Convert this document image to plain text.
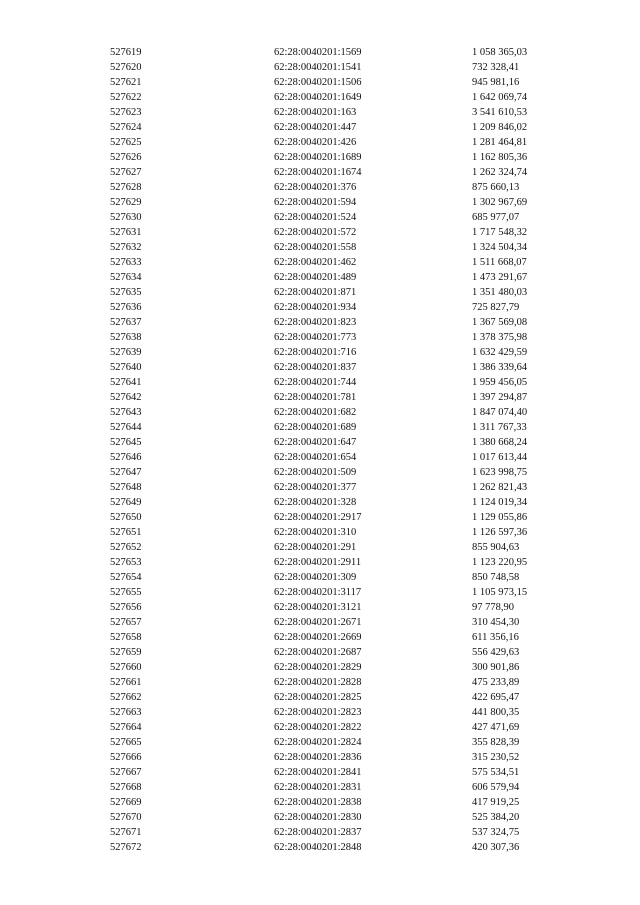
527619	62:28:0040201:1569	1 058 365,03
527620	62:28:0040201:1541	732 328,41
527621	62:28:0040201:1506	945 981,16
527622	62:28:0040201:1649	1 642 069,74
527623	62:28:0040201:163	3 541 610,53
527624	62:28:0040201:447	1 209 846,02
527625	62:28:0040201:426	1 281 464,81
527626	62:28:0040201:1689	1 162 805,36
527627	62:28:0040201:1674	1 262 324,74
527628	62:28:0040201:376	875 660,13
527629	62:28:0040201:594	1 302 967,69
527630	62:28:0040201:524	685 977,07
527631	62:28:0040201:572	1 717 548,32
527632	62:28:0040201:558	1 324 504,34
527633	62:28:0040201:462	1 511 668,07
527634	62:28:0040201:489	1 473 291,67
527635	62:28:0040201:871	1 351 480,03
527636	62:28:0040201:934	725 827,79
527637	62:28:0040201:823	1 367 569,08
527638	62:28:0040201:773	1 378 375,98
527639	62:28:0040201:716	1 632 429,59
527640	62:28:0040201:837	1 386 339,64
527641	62:28:0040201:744	1 959 456,05
527642	62:28:0040201:781	1 397 294,87
527643	62:28:0040201:682	1 847 074,40
527644	62:28:0040201:689	1 311 767,33
527645	62:28:0040201:647	1 380 668,24
527646	62:28:0040201:654	1 017 613,44
527647	62:28:0040201:509	1 623 998,75
527648	62:28:0040201:377	1 262 821,43
527649	62:28:0040201:328	1 124 019,34
527650	62:28:0040201:2917	1 129 055,86
527651	62:28:0040201:310	1 126 597,36
527652	62:28:0040201:291	855 904,63
527653	62:28:0040201:2911	1 123 220,95
527654	62:28:0040201:309	850 748,58
527655	62:28:0040201:3117	1 105 973,15
527656	62:28:0040201:3121	97 778,90
527657	62:28:0040201:2671	310 454,30
527658	62:28:0040201:2669	611 356,16
527659	62:28:0040201:2687	556 429,63
527660	62:28:0040201:2829	300 901,86
527661	62:28:0040201:2828	475 233,89
527662	62:28:0040201:2825	422 695,47
527663	62:28:0040201:2823	441 800,35
527664	62:28:0040201:2822	427 471,69
527665	62:28:0040201:2824	355 828,39
527666	62:28:0040201:2836	315 230,52
527667	62:28:0040201:2841	575 534,51
527668	62:28:0040201:2831	606 579,94
527669	62:28:0040201:2838	417 919,25
527670	62:28:0040201:2830	525 384,20
527671	62:28:0040201:2837	537 324,75
527672	62:28:0040201:2848	420 307,36
